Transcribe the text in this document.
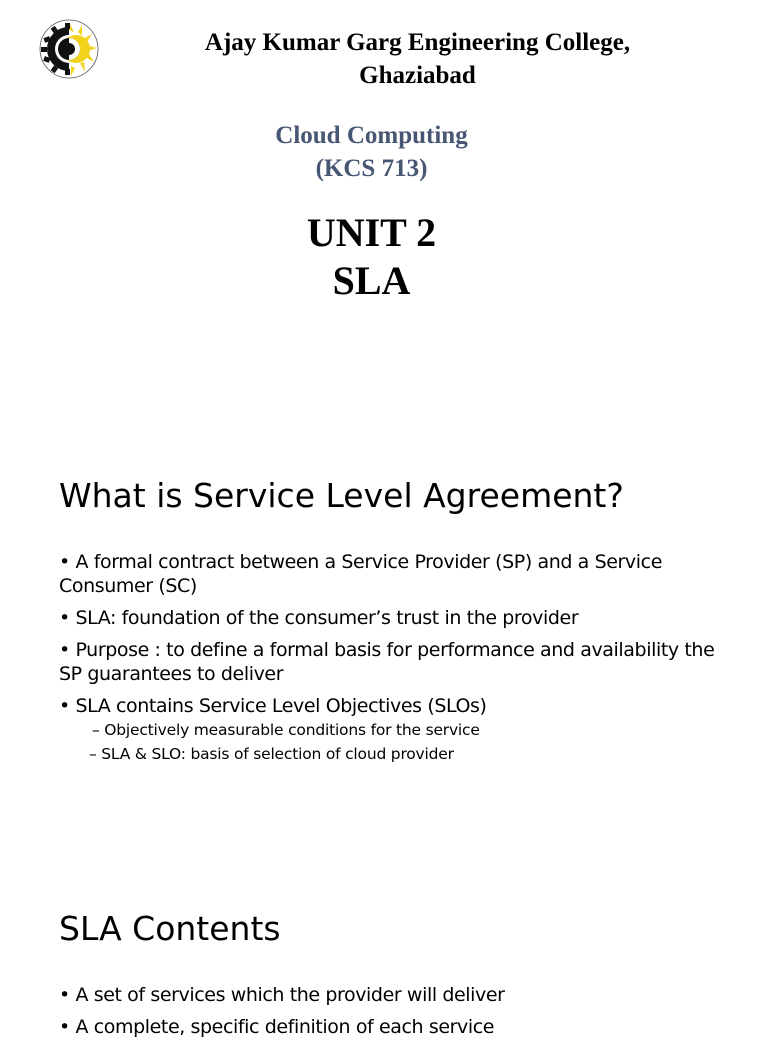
Ajay Kumar Garg Engineering College,
Ghaziabad
Cloud Computing
(KCS 713)
UNIT 2
SLA
What is Service Level Agreement?
• A formal contract between a Service Provider (SP) and a Service Consumer (SC)
• SLA: foundation of the consumer’s trust in the provider
• Purpose : to define a formal basis for performance and availability the SP guarantees to deliver
• SLA contains Service Level Objectives (SLOs)
– Objectively measurable conditions for the service
– SLA & SLO: basis of selection of cloud provider
SLA Contents
• A set of services which the provider will deliver
• A complete, specific definition of each service
